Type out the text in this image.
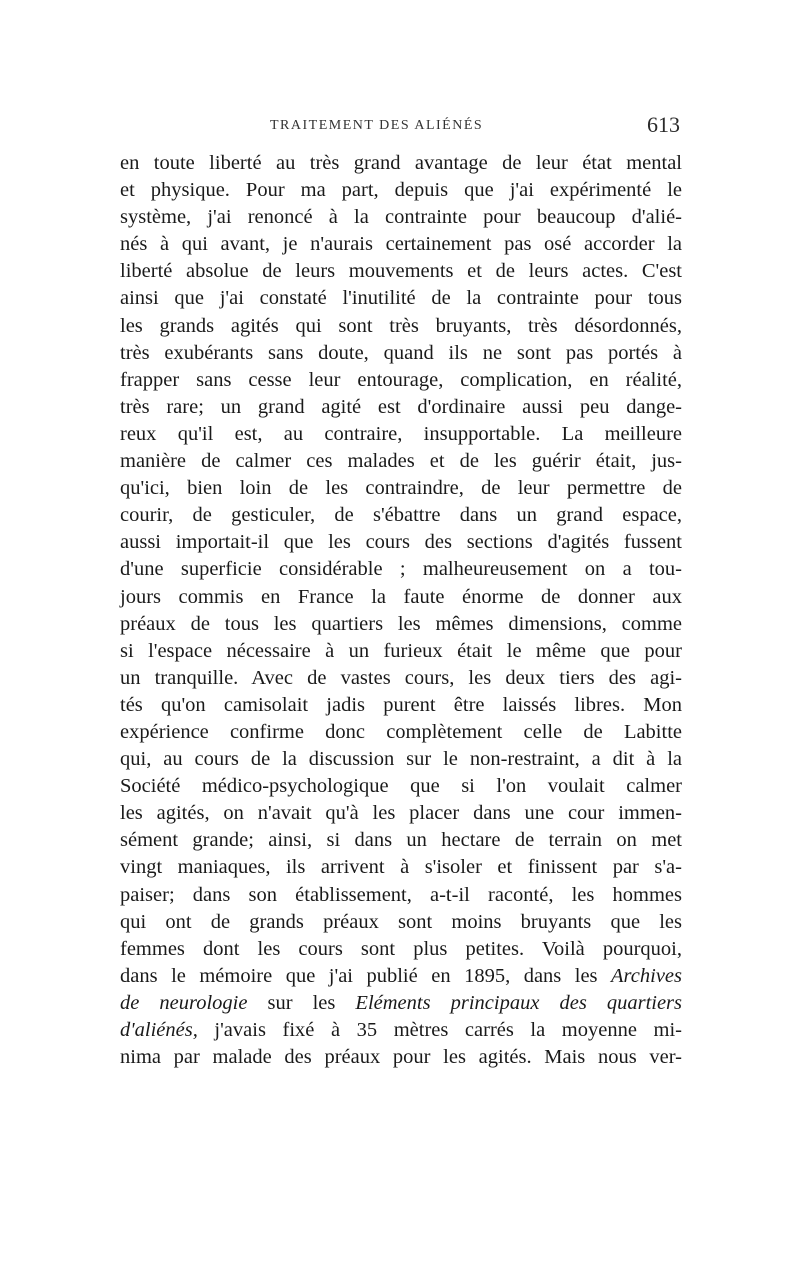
TRAITEMENT DES ALIÉNÉS	613
en toute liberté au très grand avantage de leur état mental
et physique. Pour ma part, depuis que j'ai expérimenté le
système, j'ai renoncé à la contrainte pour beaucoup d'alié-
nés à qui avant, je n'aurais certainement pas osé accorder la
liberté absolue de leurs mouvements et de leurs actes. C'est
ainsi que j'ai constaté l'inutilité de la contrainte pour tous
les grands agités qui sont très bruyants, très désordonnés,
très exubérants sans doute, quand ils ne sont pas portés à
frapper sans cesse leur entourage, complication, en réalité,
très rare; un grand agité est d'ordinaire aussi peu dange-
reux qu'il est, au contraire, insupportable. La meilleure
manière de calmer ces malades et de les guérir était, jus-
qu'ici, bien loin de les contraindre, de leur permettre de
courir, de gesticuler, de s'ébattre dans un grand espace,
aussi importait-il que les cours des sections d'agités fussent
d'une superficie considérable ; malheureusement on a tou-
jours commis en France la faute énorme de donner aux
préaux de tous les quartiers les mêmes dimensions, comme
si l'espace nécessaire à un furieux était le même que pour
un tranquille. Avec de vastes cours, les deux tiers des agi-
tés qu'on camisolait jadis purent être laissés libres. Mon
expérience confirme donc complètement celle de Labitte
qui, au cours de la discussion sur le non-restraint, a dit à la
Société médico-psychologique que si l'on voulait calmer
les agités, on n'avait qu'à les placer dans une cour immen-
sément grande; ainsi, si dans un hectare de terrain on met
vingt maniaques, ils arrivent à s'isoler et finissent par s'a-
paiser; dans son établissement, a-t-il raconté, les hommes
qui ont de grands préaux sont moins bruyants que les
femmes dont les cours sont plus petites. Voilà pourquoi,
dans le mémoire que j'ai publié en 1895, dans les Archives
de neurologie sur les Eléments principaux des quartiers
d'aliénés, j'avais fixé à 35 mètres carrés la moyenne mi-
nima par malade des préaux pour les agités. Mais nous ver-
